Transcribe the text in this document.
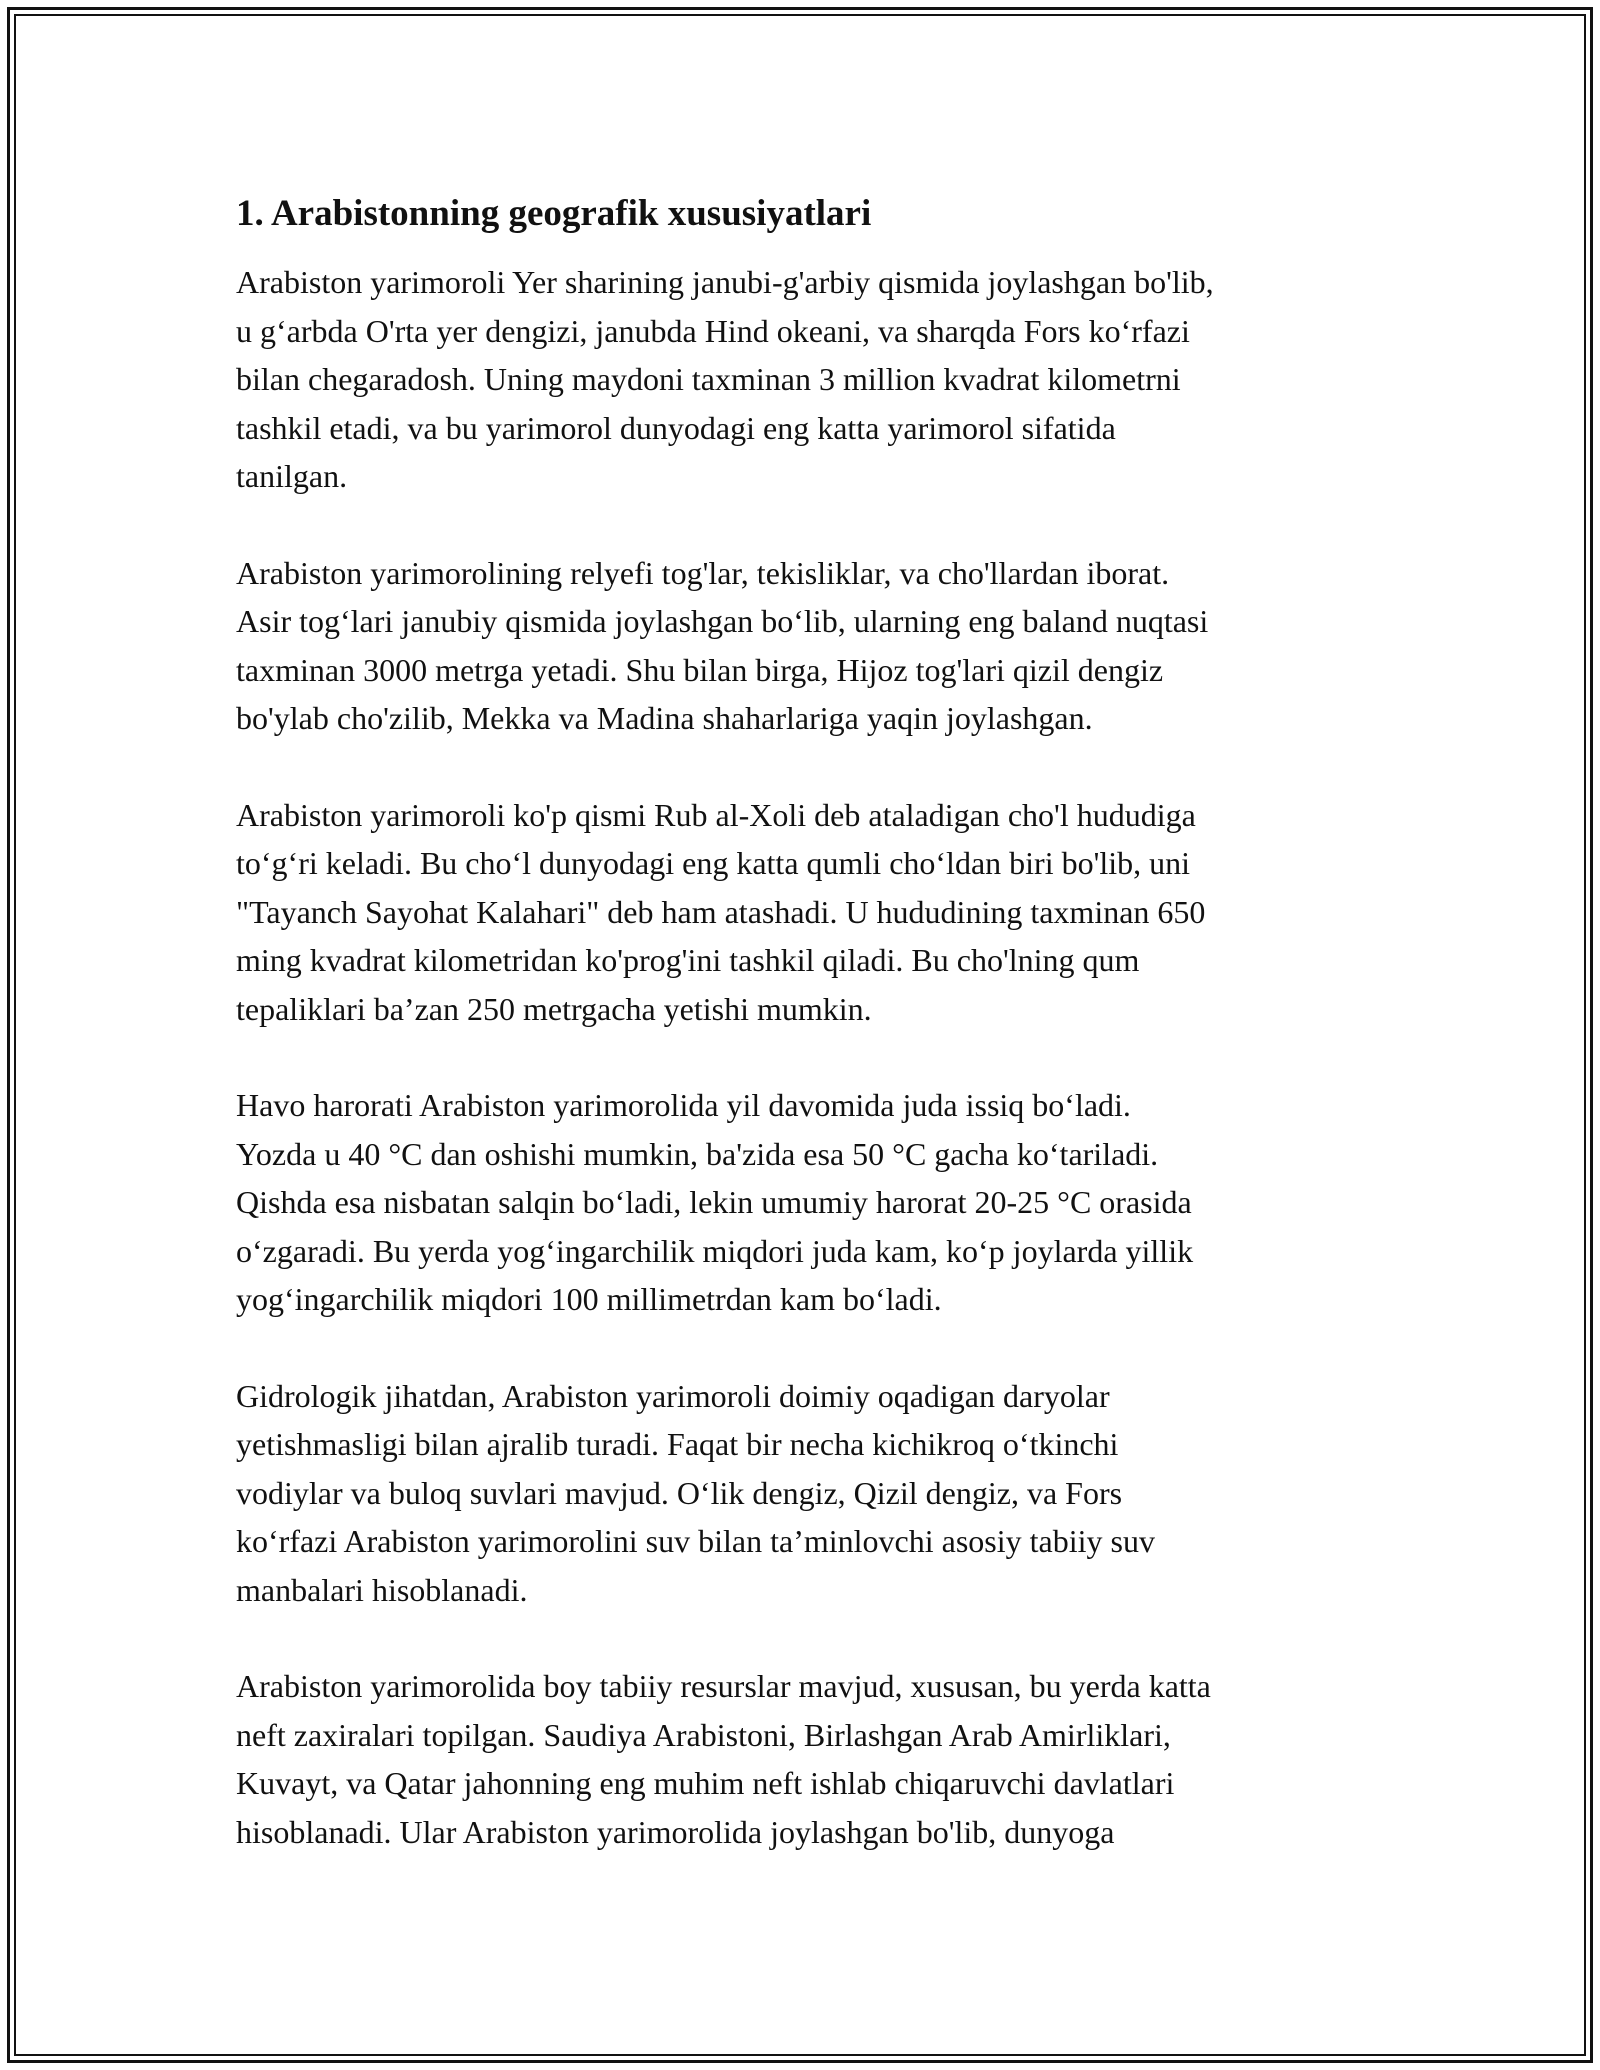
1. Arabistonning geografik xususiyatlari

Arabiston yarimoroli Yer sharining janubi-g'arbiy qismida joylashgan bo'lib,
u g‘arbda O'rta yer dengizi, janubda Hind okeani, va sharqda Fors ko‘rfazi
bilan chegaradosh. Uning maydoni taxminan 3 million kvadrat kilometrni
tashkil etadi, va bu yarimorol dunyodagi eng katta yarimorol sifatida
tanilgan.

Arabiston yarimorolining relyefi tog'lar, tekisliklar, va cho'llardan iborat.
Asir tog‘lari janubiy qismida joylashgan bo‘lib, ularning eng baland nuqtasi
taxminan 3000 metrga yetadi. Shu bilan birga, Hijoz tog'lari qizil dengiz
bo'ylab cho'zilib, Mekka va Madina shaharlariga yaqin joylashgan.

Arabiston yarimoroli ko'p qismi Rub al-Xoli deb ataladigan cho'l hududiga
to‘g‘ri keladi. Bu cho‘l dunyodagi eng katta qumli cho‘ldan biri bo'lib, uni
"Tayanch Sayohat Kalahari" deb ham atashadi. U hududining taxminan 650
ming kvadrat kilometridan ko'prog'ini tashkil qiladi. Bu cho'lning qum
tepaliklari ba’zan 250 metrgacha yetishi mumkin.

Havo harorati Arabiston yarimorolida yil davomida juda issiq bo‘ladi.
Yozda u 40 °C dan oshishi mumkin, ba'zida esa 50 °C gacha ko‘tariladi.
Qishda esa nisbatan salqin bo‘ladi, lekin umumiy harorat 20-25 °C orasida
o‘zgaradi. Bu yerda yog‘ingarchilik miqdori juda kam, ko‘p joylarda yillik
yog‘ingarchilik miqdori 100 millimetrdan kam bo‘ladi.

Gidrologik jihatdan, Arabiston yarimoroli doimiy oqadigan daryolar
yetishmasligi bilan ajralib turadi. Faqat bir necha kichikroq o‘tkinchi
vodiylar va buloq suvlari mavjud. O‘lik dengiz, Qizil dengiz, va Fors
ko‘rfazi Arabiston yarimorolini suv bilan ta’minlovchi asosiy tabiiy suv
manbalari hisoblanadi.

Arabiston yarimorolida boy tabiiy resurslar mavjud, xususan, bu yerda katta
neft zaxiralari topilgan. Saudiya Arabistoni, Birlashgan Arab Amirliklari,
Kuvayt, va Qatar jahonning eng muhim neft ishlab chiqaruvchi davlatlari
hisoblanadi. Ular Arabiston yarimorolida joylashgan bo'lib, dunyoga
